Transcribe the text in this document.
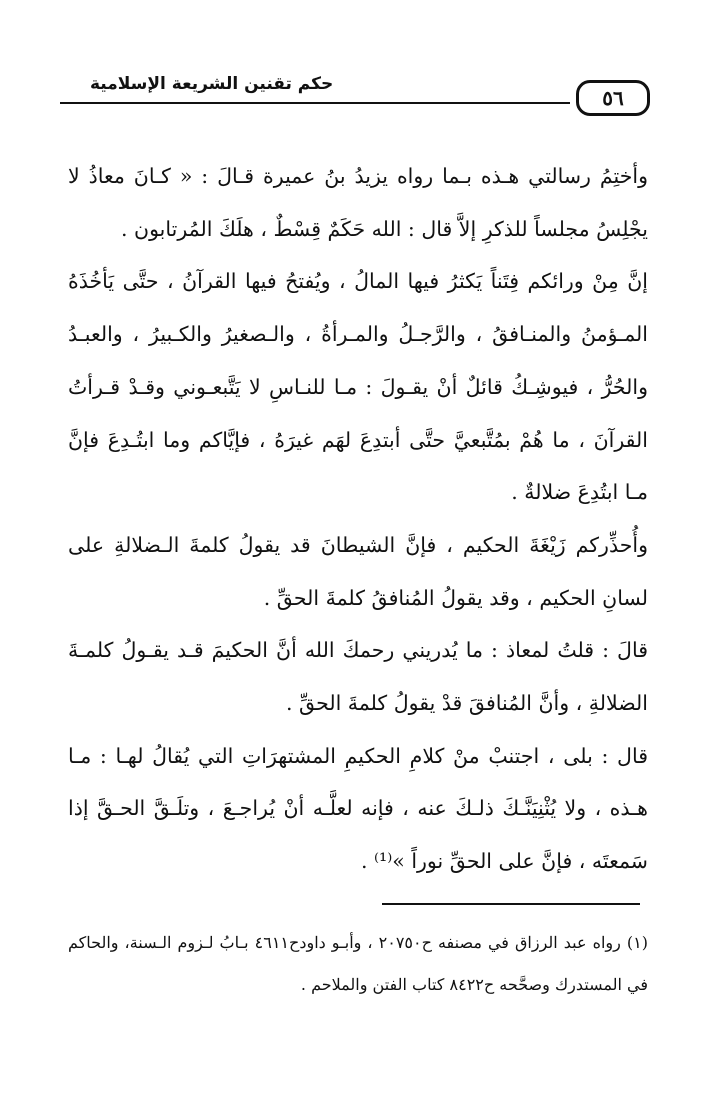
حكم تقنين الشريعة الإسلامية
٥٦

وأختِمُ رسالتي هـذه بـما رواه يزيدُ بنُ عميرة قـالَ : « كـانَ معاذُ لا يجْلِسُ مجلساً للذكرِ إلاَّ قال : الله حَكَمٌ قِسْطٌ ، هلَكَ المُرتابون .

إنَّ مِنْ ورائكم فِتَناً يَكثرُ فيها المالُ ، ويُفتحُ فيها القرآنُ ، حتَّى يَأخُذَهُ المـؤمنُ والمنـافقُ ، والرَّجـلُ والمـرأةُ ، والـصغيرُ والكـبيرُ ، والعبـدُ والحُرُّ ، فيوشِـكُ قائلٌ أنْ يقـولَ : مـا للنـاسِ لا يَتَّبعـوني وقـدْ قـرأتُ القرآنَ ، ما هُمْ بمُتَّبعيَّ حتَّى أبتدِعَ لهَم غيرَهُ ، فإيَّاكم وما ابتُـدِعَ فإنَّ مـا ابتُدِعَ ضلالةٌ .

وأُحذِّركم زَيْغَةَ الحكيم ، فإنَّ الشيطانَ قد يقولُ كلمةَ الـضلالةِ على لسانِ الحكيم ، وقد يقولُ المُنافقُ كلمةَ الحقِّ .

قالَ : قلتُ لمعاذ : ما يُدريني رحمكَ الله أنَّ الحكيمَ قـد يقـولُ كلمـةَ الضلالةِ ، وأنَّ المُنافقَ قدْ يقولُ كلمةَ الحقِّ .

قال : بلى ، اجتنبْ منْ كلامِ الحكيمِ المشتهرَاتِ التي يُقالُ لهـا : مـا هـذه ، ولا يُثْنِيَنَّـكَ ذلـكَ عنه ، فإنه لعلَّـه أنْ يُراجـعَ ، وتلَـقَّ الحـقَّ إذا سَمعتَه ، فإنَّ على الحقِّ نوراً »⁽¹⁾ .

(١) رواه عبد الرزاق في مصنفه ح٢٠٧٥٠ ، وأبـو داودح٤٦١١ بـابُ لـزوم الـسنة، والحاكم في المستدرك وصحَّحه ح٨٤٢٢ كتاب الفتن والملاحم .
